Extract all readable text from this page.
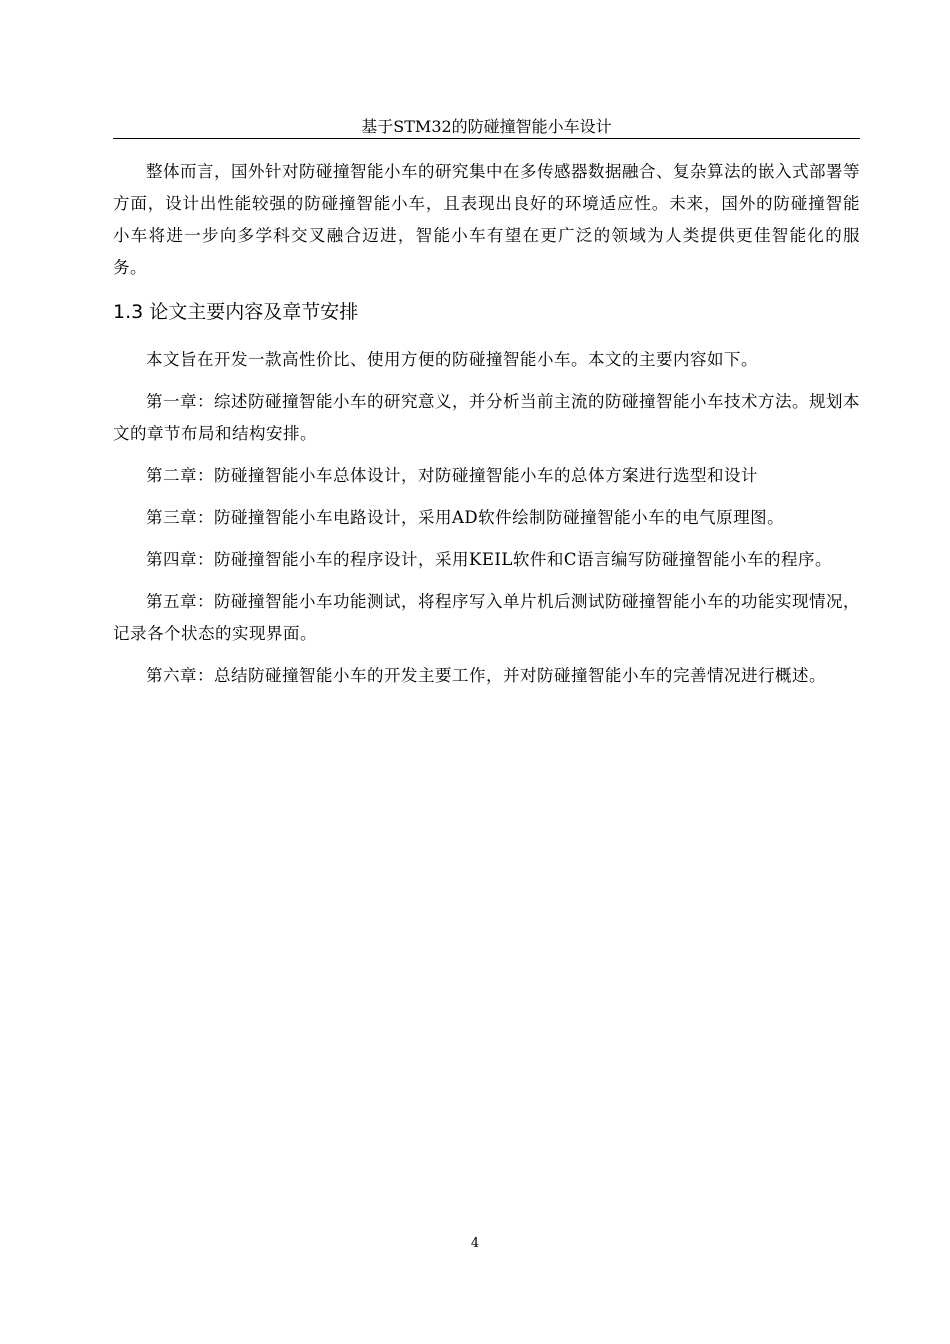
基于STM32的防碰撞智能小车设计

整体而言，国外针对防碰撞智能小车的研究集中在多传感器数据融合、复杂算法的嵌入式部署等方面，设计出性能较强的防碰撞智能小车，且表现出良好的环境适应性。未来，国外的防碰撞智能小车将进一步向多学科交叉融合迈进，智能小车有望在更广泛的领域为人类提供更佳智能化的服务。

1.3 论文主要内容及章节安排

本文旨在开发一款高性价比、使用方便的防碰撞智能小车。本文的主要内容如下。

第一章：综述防碰撞智能小车的研究意义，并分析当前主流的防碰撞智能小车技术方法。规划本文的章节布局和结构安排。

第二章：防碰撞智能小车总体设计，对防碰撞智能小车的总体方案进行选型和设计

第三章：防碰撞智能小车电路设计，采用AD软件绘制防碰撞智能小车的电气原理图。

第四章：防碰撞智能小车的程序设计，采用KEIL软件和C语言编写防碰撞智能小车的程序。

第五章：防碰撞智能小车功能测试，将程序写入单片机后测试防碰撞智能小车的功能实现情况，记录各个状态的实现界面。

第六章：总结防碰撞智能小车的开发主要工作，并对防碰撞智能小车的完善情况进行概述。

4
